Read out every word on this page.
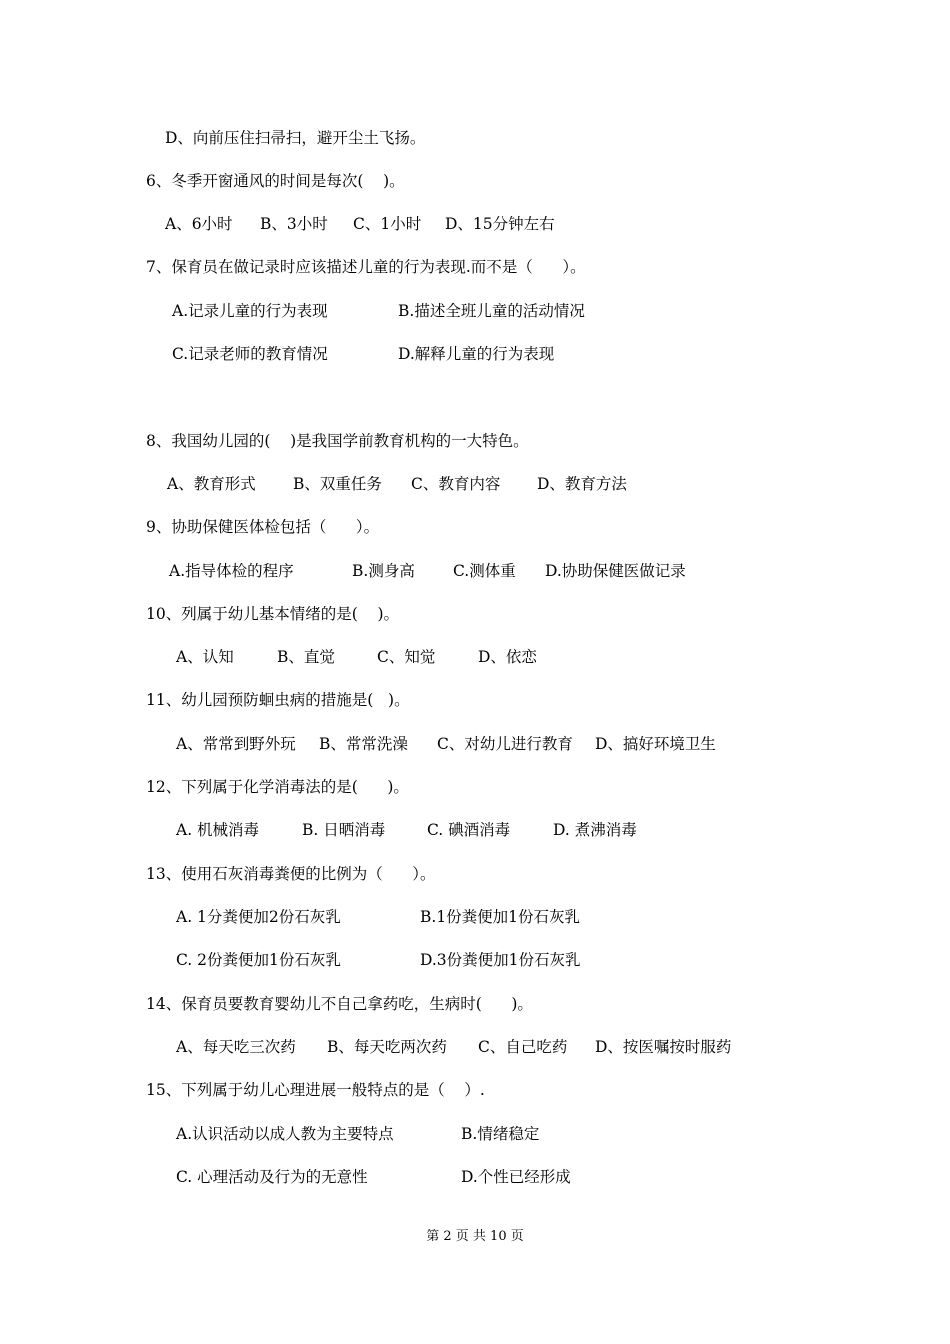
D、向前压住扫帚扫，避开尘土飞扬。

6、冬季开窗通风的时间是每次(    )。

A、6小时 B、3小时 C、1小时 D、15分钟左右

7、保育员在做记录时应该描述儿童的行为表现.而不是（      ）。

A.记录儿童的行为表现	B.描述全班儿童的活动情况
C.记录老师的教育情况	D.解释儿童的行为表现

8、我国幼儿园的(    )是我国学前教育机构的一大特色。

A、教育形式 B、双重任务 C、教育内容 D、教育方法

9、协助保健医体检包括（      ）。

A.指导体检的程序	B.测身高 C.测体重 D.协助保健医做记录

10、列属于幼儿基本情绪的是(    )。

A、认知	B、直觉	C、知觉	D、依恋

11、幼儿园预防蛔虫病的措施是(   )。

A、常常到野外玩 B、常常洗澡 C、对幼儿进行教育 D、搞好环境卫生

12、下列属于化学消毒法的是(      )。

A. 机械消毒	B. 日晒消毒	C. 碘酒消毒	D. 煮沸消毒

13、使用石灰消毒粪便的比例为（      ）。

A. 1分粪便加2份石灰乳	B.1份粪便加1份石灰乳
C. 2份粪便加1份石灰乳	D.3份粪便加1份石灰乳

14、保育员要教育婴幼儿不自己拿药吃，生病时(      )。

A、每天吃三次药 B、每天吃两次药 C、自己吃药 D、按医嘱按时服药

15、下列属于幼儿心理进展一般特点的是（    ）.

A.认识活动以成人教为主要特点	B.情绪稳定
C. 心理活动及行为的无意性	D.个性已经形成
第 2 页 共 10 页
